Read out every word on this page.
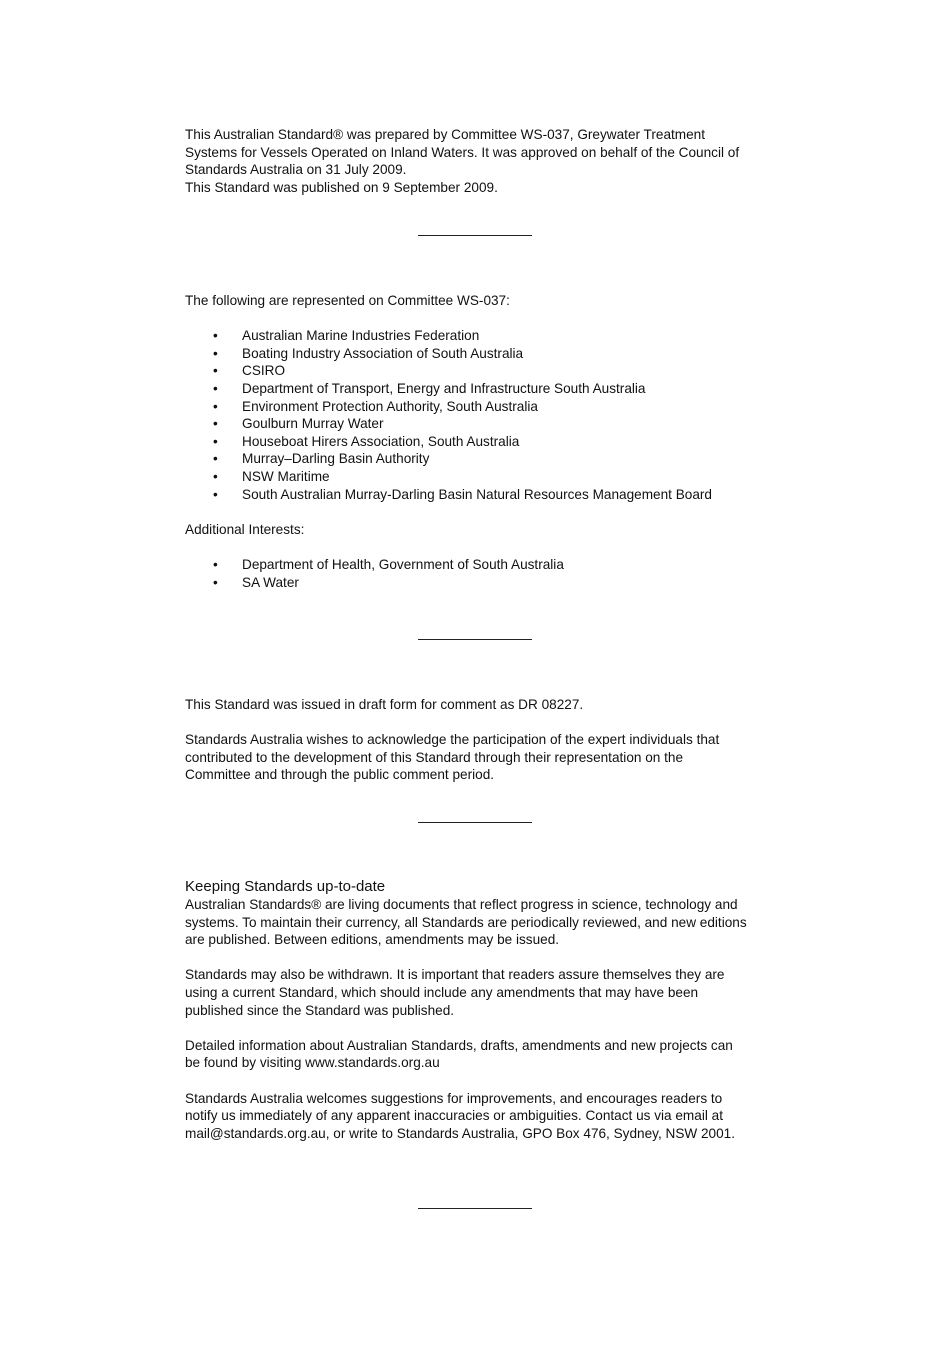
This Australian Standard® was prepared by Committee WS-037, Greywater Treatment

Systems for Vessels Operated on Inland Waters. It was approved on behalf of the Council of

Standards Australia on 31 July 2009.

This Standard was published on 9 September 2009.

The following are represented on Committee WS-037:

• Australian Marine Industries Federation
• Boating Industry Association of South Australia
• CSIRO
• Department of Transport, Energy and Infrastructure South Australia
• Environment Protection Authority, South Australia
• Goulburn Murray Water
• Houseboat Hirers Association, South Australia
• Murray–Darling Basin Authority
• NSW Maritime
• South Australian Murray-Darling Basin Natural Resources Management Board

Additional Interests:

• Department of Health, Government of South Australia
• SA Water

This Standard was issued in draft form for comment as DR 08227.

Standards Australia wishes to acknowledge the participation of the expert individuals that

contributed to the development of this Standard through their representation on the

Committee and through the public comment period.

Keeping Standards up-to-date

Australian Standards® are living documents that reflect progress in science, technology and

systems. To maintain their currency, all Standards are periodically reviewed, and new editions

are published. Between editions, amendments may be issued.

Standards may also be withdrawn. It is important that readers assure themselves they are

using a current Standard, which should include any amendments that may have been

published since the Standard was published.

Detailed information about Australian Standards, drafts, amendments and new projects can

be found by visiting www.standards.org.au

Standards Australia welcomes suggestions for improvements, and encourages readers to

notify us immediately of any apparent inaccuracies or ambiguities. Contact us via email at

mail@standards.org.au, or write to Standards Australia, GPO Box 476, Sydney, NSW 2001.
